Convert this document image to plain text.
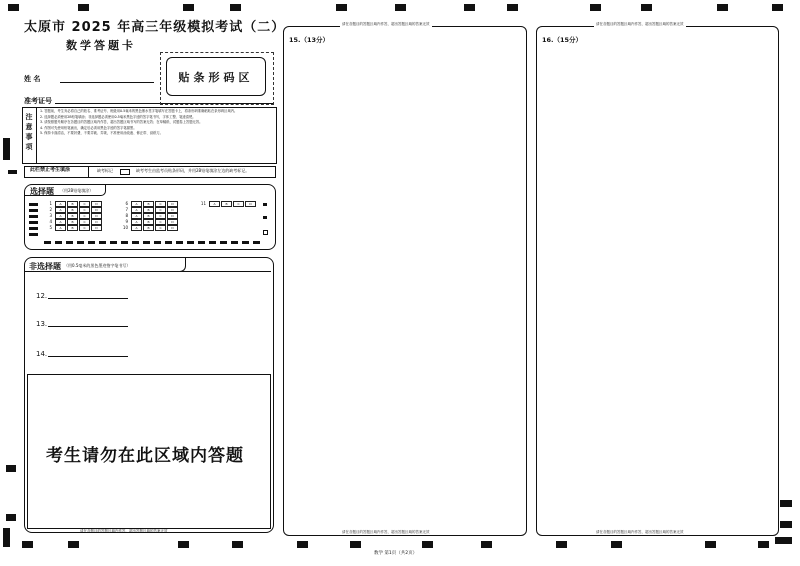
太原市 2025 年高三年级模拟考试（二）
数学答题卡
姓 名
准考证号
贴条形码区
注意事项
1. 答题前，考生务必将自己的姓名、准考证号、班级用0.5毫米的黑色墨水签字笔填写在答题卡上，将条形码准确粘贴在条形码区域内。
2. 选择题必须使用2B铅笔填涂；非选择题必须使用0.5毫米黑色字迹的签字笔书写，字体工整、笔迹清楚。
3. 请按照题号顺序在各题目的答题区域内作答，超出答题区域书写的答案无效；在草稿纸、试题卷上答题无效。
4. 作图可先使用铅笔画出，确定后必须用黑色字迹的签字笔描黑。
5. 保持卡面清洁，不要折叠，不要弄破、弄皱，不准使用涂改液、修正带、刮纸刀。
此栏禁止考生填涂	缺考标记	缺考考生由监考员贴条形码，并用2B铅笔填涂左边的缺考标记。
选择题 （用2B铅笔填涂）
1 A	B	C	D
2 A	B	C	D
3 A	B	C	D
4 A	B	C	D
5 A	B	C	D
6 A	B	C	D
7 A	B	C	D
8 A	B	C	D
9 A	B	C	D
10 A	B	C	D
11 A	B	C	D
非选择题 （用0.5毫米的黑色墨迹签字笔书写）
12.
13.
14.
考生请勿在此区域内答题
请在各题目的答题区域内作答，超出答题区域的答案无效
请在各题目的答题区域内作答，超出答题区域的答案无效
15.（13分）
请在各题目的答题区域内作答，超出答题区域的答案无效
请在各题目的答题区域内作答，超出答题区域的答案无效
16.（15分）
请在各题目的答题区域内作答，超出答题区域的答案无效
数学 第1页（共2页）
